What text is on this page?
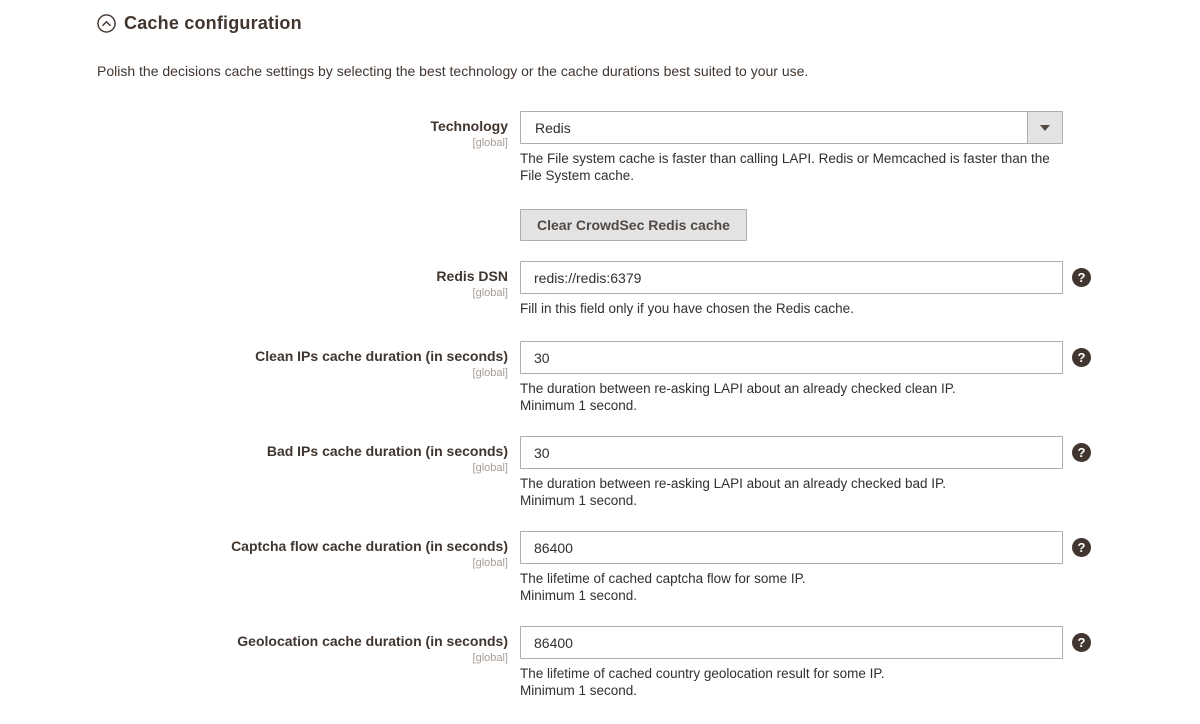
Cache configuration
Polish the decisions cache settings by selecting the best technology or the cache durations best suited to your use.
Technology
[global]
Redis
The File system cache is faster than calling LAPI. Redis or Memcached is faster than the File System cache.
Clear CrowdSec Redis cache
Redis DSN
[global]
redis://redis:6379
Fill in this field only if you have chosen the Redis cache.
?
Clean IPs cache duration (in seconds)
[global]
30
The duration between re-asking LAPI about an already checked clean IP.
Minimum 1 second.
?
Bad IPs cache duration (in seconds)
[global]
30
The duration between re-asking LAPI about an already checked bad IP.
Minimum 1 second.
?
Captcha flow cache duration (in seconds)
[global]
86400
The lifetime of cached captcha flow for some IP.
Minimum 1 second.
?
Geolocation cache duration (in seconds)
[global]
86400
The lifetime of cached country geolocation result for some IP.
Minimum 1 second.
?
